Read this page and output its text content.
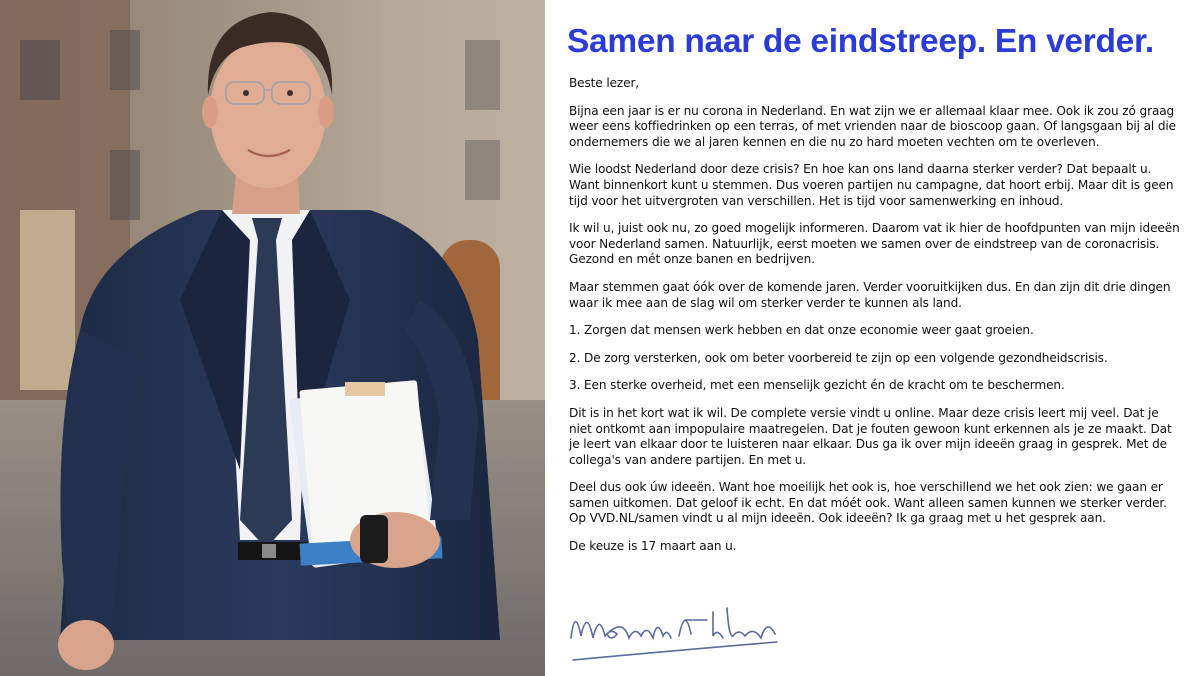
Samen naar de eindstreep. En verder.

Beste lezer,

Bijna een jaar is er nu corona in Nederland. En wat zijn we er allemaal klaar mee. Ook ik zou zó graag weer eens koffiedrinken op een terras, of met vrienden naar de bioscoop gaan. Of langsgaan bij al die ondernemers die we al jaren kennen en die nu zo hard moeten vechten om te overleven.

Wie loodst Nederland door deze crisis? En hoe kan ons land daarna sterker verder? Dat bepaalt u. Want binnenkort kunt u stemmen. Dus voeren partijen nu campagne, dat hoort erbij. Maar dit is geen tijd voor het uitvergroten van verschillen. Het is tijd voor samenwerking en inhoud.

Ik wil u, juist ook nu, zo goed mogelijk informeren. Daarom vat ik hier de hoofdpunten van mijn ideeën voor Nederland samen. Natuurlijk, eerst moeten we samen over de eindstreep van de coronacrisis. Gezond en mét onze banen en bedrijven.

Maar stemmen gaat óók over de komende jaren. Verder vooruitkijken dus. En dan zijn dit drie dingen waar ik mee aan de slag wil om sterker verder te kunnen als land.

1. Zorgen dat mensen werk hebben en dat onze economie weer gaat groeien.

2. De zorg versterken, ook om beter voorbereid te zijn op een volgende gezondheidscrisis.

3. Een sterke overheid, met een menselijk gezicht én de kracht om te beschermen.

Dit is in het kort wat ik wil. De complete versie vindt u online. Maar deze crisis leert mij veel. Dat je niet ontkomt aan impopulaire maatregelen. Dat je fouten gewoon kunt erkennen als je ze maakt. Dat je leert van elkaar door te luisteren naar elkaar. Dus ga ik over mijn ideeën graag in gesprek. Met de collega's van andere partijen. En met u.

Deel dus ook úw ideeën. Want hoe moeilijk het ook is, hoe verschillend we het ook zien: we gaan er samen uitkomen. Dat geloof ik echt. En dat móét ook. Want alleen samen kunnen we sterker verder. Op VVD.NL/samen vindt u al mijn ideeën. Ook ideeën? Ik ga graag met u het gesprek aan.

De keuze is 17 maart aan u.
